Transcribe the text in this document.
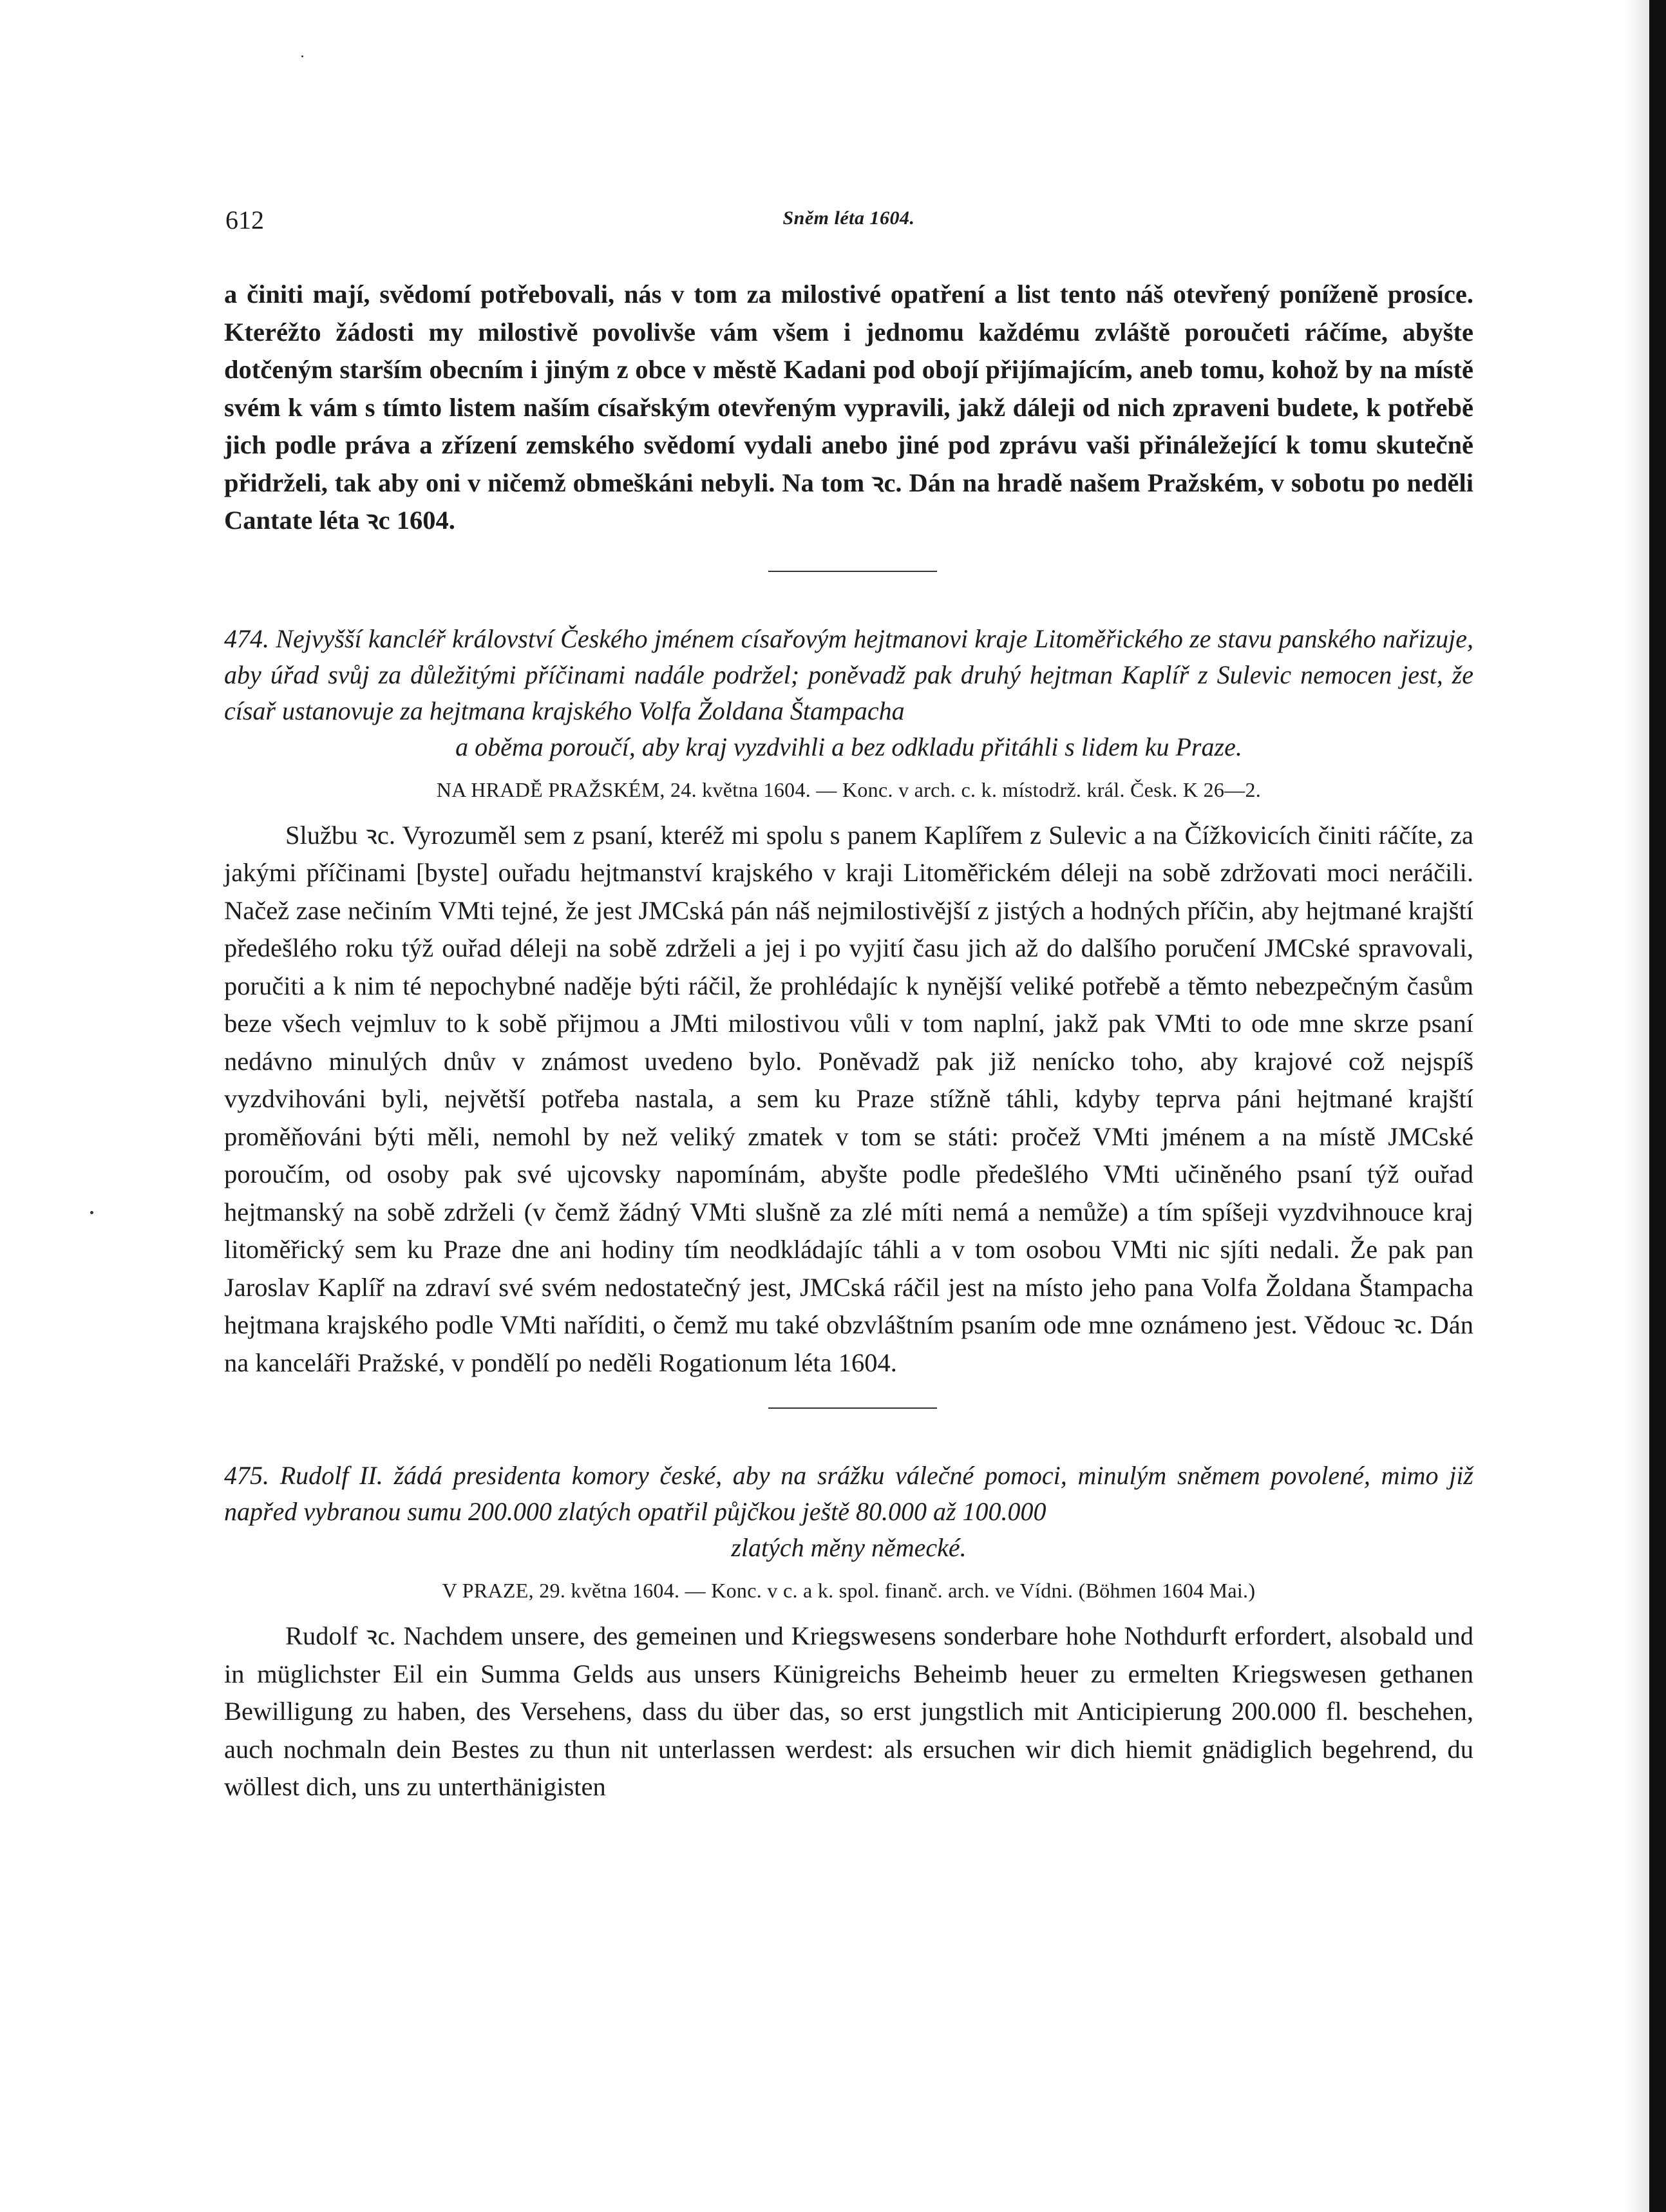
612	Sněm léta 1604.

a činiti mají, svědomí potřebovali, nás v tom za milostivé opatření a list tento náš otevřený poníženě prosíce. Kteréžto žádosti my milostivě povolivše vám všem i jednomu každému zvláště poroučeti ráčíme, abyšte dotčeným starším obecním i jiným z obce v městě Kadani pod obojí přijímajícím, aneb tomu, kohož by na místě svém k vám s tímto listem naším císařským otevřeným vypravili, jakž dáleji od nich zpraveni budete, k potřebě jich podle práva a zřízení zemského svědomí vydali anebo jiné pod zprávu vaši přináležející k tomu skutečně přidrželi, tak aby oni v ničemž obmeškáni nebyli. Na tom ꝛc. Dán na hradě našem Pražském, v sobotu po neděli Cantate léta ꝛc 1604.

474. Nejvyšší kancléř království Českého jménem císařovým hejtmanovi kraje Litoměřického ze stavu panského nařizuje, aby úřad svůj za důležitými příčinami nadále podržel; poněvadž pak druhý hejtman Kaplíř z Sulevic nemocen jest, že císař ustanovuje za hejtmana krajského Volfa Žoldana Štampacha
a oběma poroučí, aby kraj vyzdvihli a bez odkladu přitáhli s lidem ku Praze.

NA HRADĚ PRAŽSKÉM, 24. května 1604. — Konc. v arch. c. k. místodrž. král. Česk. K 26—2.

Službu ꝛc. Vyrozuměl sem z psaní, kteréž mi spolu s panem Kaplířem z Sulevic a na Čížkovicích činiti ráčíte, za jakými příčinami [byste] ouřadu hejtmanství krajského v kraji Litoměřickém déleji na sobě zdržovati moci neráčili. Načež zase nečiním VMti tejné, že jest JMCská pán náš nejmilostivější z jistých a hodných příčin, aby hejtmané krajští předešlého roku týž ouřad déleji na sobě zdrželi a jej i po vyjití času jich až do dalšího poručení JMCské spravovali, poručiti a k nim té nepochybné naděje býti ráčil, že prohlédajíc k nynější veliké potřebě a těmto nebezpečným časům beze všech vejmluv to k sobě přijmou a JMti milostivou vůli v tom naplní, jakž pak VMti to ode mne skrze psaní nedávno minulých dnův v známost uvedeno bylo. Poněvadž pak již nenícko toho, aby krajové což nejspíš vyzdvihováni byli, největší potřeba nastala, a sem ku Praze stížně táhli, kdyby teprva páni hejtmané krajští proměňováni býti měli, nemohl by než veliký zmatek v tom se státi: pročež VMti jménem a na místě JMCské poroučím, od osoby pak své ujcovsky napomínám, abyšte podle předešlého VMti učiněného psaní týž ouřad hejtmanský na sobě zdrželi (v čemž žádný VMti slušně za zlé míti nemá a nemůže) a tím spíšeji vyzdvihnouce kraj litoměřický sem ku Praze dne ani hodiny tím neodkládajíc táhli a v tom osobou VMti nic sjíti nedali. Že pak pan Jaroslav Kaplíř na zdraví své svém nedostatečný jest, JMCská ráčil jest na místo jeho pana Volfa Žoldana Štampacha hejtmana krajského podle VMti naříditi, o čemž mu také obzvláštním psaním ode mne oznámeno jest. Vědouc ꝛc. Dán na kanceláři Pražské, v pondělí po neděli Rogationum léta 1604.

475. Rudolf II. žádá presidenta komory české, aby na srážku válečné pomoci, minulým sněmem povolené, mimo již napřed vybranou sumu 200.000 zlatých opatřil půjčkou ještě 80.000 až 100.000
zlatých měny německé.

V PRAZE, 29. května 1604. — Konc. v c. a k. spol. finanč. arch. ve Vídni. (Böhmen 1604 Mai.)

Rudolf ꝛc. Nachdem unsere, des gemeinen und Kriegswesens sonderbare hohe Nothdurft erfordert, alsobald und in müglichster Eil ein Summa Gelds aus unsers Künigreichs Beheimb heuer zu ermelten Kriegswesen gethanen Bewilligung zu haben, des Versehens, dass du über das, so erst jungstlich mit Anticipierung 200.000 fl. beschehen, auch nochmaln dein Bestes zu thun nit unterlassen werdest: als ersuchen wir dich hiemit gnädiglich begehrend, du wöllest dich, uns zu unterthänigisten
